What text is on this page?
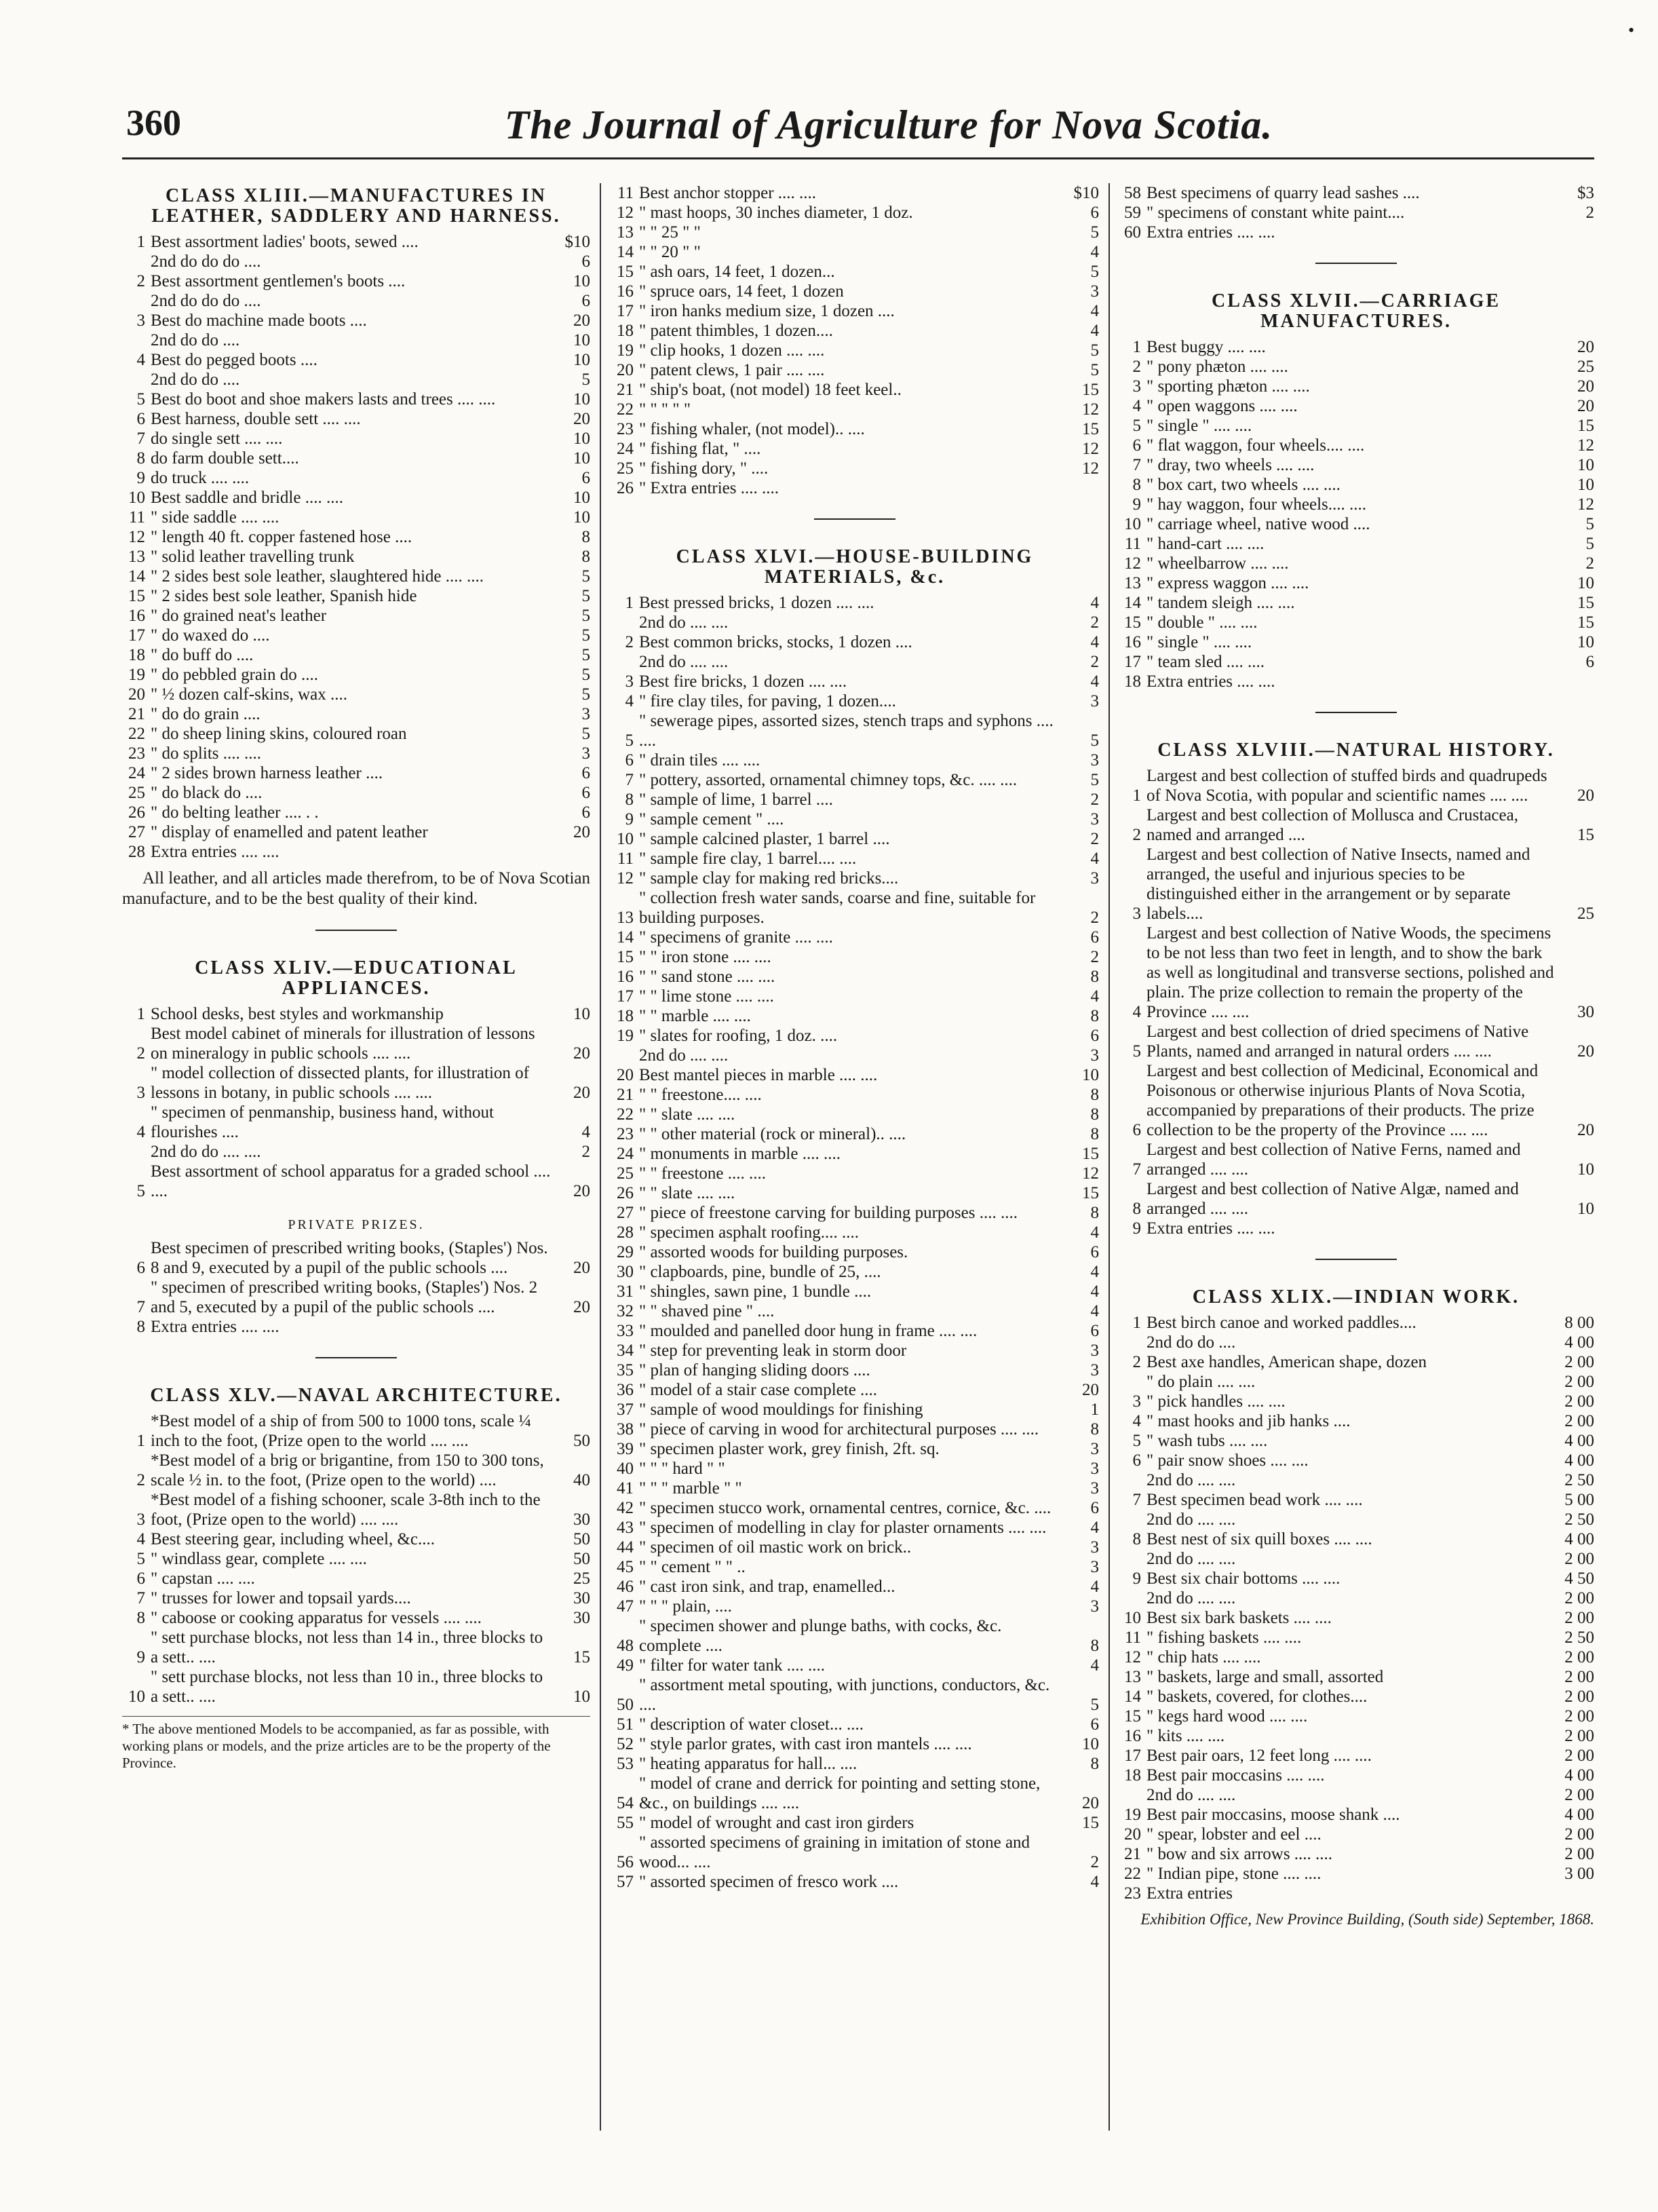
•
360	The Journal of Agriculture for Nova Scotia.
CLASS XLIII.—MANUFACTURES IN LEATHER, SADDLERY AND HARNESS.
1 Best assortment ladies' boots, sewed ....	$10
2nd do do do ....	6
2 Best assortment gentlemen's boots ....	10
2nd do do do ....	6
3 Best do machine made boots ....	20
2nd do do ....	10
4 Best do pegged boots ....	10
2nd do do ....	5
5 Best do boot and shoe makers lasts and trees .... ....	10
6 Best harness, double sett .... ....	20
7 do single sett .... ....	10
8 do farm double sett....	10
9 do truck .... ....	6
10 Best saddle and bridle .... ....	10
11 " side saddle .... ....	10
12 " length 40 ft. copper fastened hose ....	8
13 " solid leather travelling trunk	8
14 " 2 sides best sole leather, slaughtered hide .... ....	5
15 " 2 sides best sole leather, Spanish hide	5
16 " do grained neat's leather	5
17 " do waxed do ....	5
18 " do buff do ....	5
19 " do pebbled grain do ....	5
20 " ½ dozen calf-skins, wax ....	5
21 " do do grain ....	3
22 " do sheep lining skins, coloured roan	5
23 " do splits .... ....	3
24 " 2 sides brown harness leather ....	6
25 " do black do ....	6
26 " do belting leather .... . .	6
27 " display of enamelled and patent leather	20
28 Extra entries .... ....
All leather, and all articles made therefrom, to be of Nova Scotian manufacture, and to be the best quality of their kind.
CLASS XLIV.—EDUCATIONAL APPLIANCES.
1 School desks, best styles and workmanship	10
2
Best model cabinet of minerals for illustration of lessons on mineralogy in public schools .... ....	20
3
" model collection of dissected plants, for illustration of lessons in botany, in public schools .... ....	20
4
" specimen of penmanship, business hand, without flourishes ....	4
2nd do do .... ....	2
5
Best assortment of school apparatus for a graded school .... ....	20
PRIVATE PRIZES.
6
Best specimen of prescribed writing books, (Staples') Nos. 8 and 9, executed by a pupil of the public schools ....	20
7
" specimen of prescribed writing books, (Staples') Nos. 2 and 5, executed by a pupil of the public schools ....	20
8 Extra entries .... ....
CLASS XLV.—NAVAL ARCHITECTURE.
1
*Best model of a ship of from 500 to 1000 tons, scale ¼ inch to the foot, (Prize open to the world .... ....	50
2
*Best model of a brig or brigantine, from 150 to 300 tons, scale ½ in. to the foot, (Prize open to the world) ....	40
3
*Best model of a fishing schooner, scale 3-8th inch to the foot, (Prize open to the world) .... ....	30
4 Best steering gear, including wheel, &c....	50
5 " windlass gear, complete .... ....	50
6 " capstan .... ....	25
7 " trusses for lower and topsail yards....	30
8 " caboose or cooking apparatus for vessels .... ....	30
9
" sett purchase blocks, not less than 14 in., three blocks to a sett.. ....	15
10
" sett purchase blocks, not less than 10 in., three blocks to a sett.. ....	10
* The above mentioned Models to be accompanied, as far as possible, with working plans or models, and the prize articles are to be the property of the Province.
11 Best anchor stopper .... ....	$10
12 " mast hoops, 30 inches diameter, 1 doz.	6
13 " " 25 " "	5
14 " " 20 " "	4
15 " ash oars, 14 feet, 1 dozen...	5
16 " spruce oars, 14 feet, 1 dozen	3
17 " iron hanks medium size, 1 dozen ....	4
18 " patent thimbles, 1 dozen....	4
19 " clip hooks, 1 dozen .... ....	5
20 " patent clews, 1 pair .... ....	5
21 " ship's boat, (not model) 18 feet keel..	15
22 " " " " "	12
23 " fishing whaler, (not model).. ....	15
24 " fishing flat, " ....	12
25 " fishing dory, " ....	12
26 " Extra entries .... ....
CLASS XLVI.—HOUSE-BUILDING MATERIALS, &c.
1 Best pressed bricks, 1 dozen .... ....	4
2nd do .... ....	2
2 Best common bricks, stocks, 1 dozen ....	4
2nd do .... ....	2
3 Best fire bricks, 1 dozen .... ....	4
4 " fire clay tiles, for paving, 1 dozen....	3
5
" sewerage pipes, assorted sizes, stench traps and syphons .... ....	5
6 " drain tiles .... ....	3
7 " pottery, assorted, ornamental chimney tops, &c. .... ....	5
8 " sample of lime, 1 barrel ....	2
9 " sample cement " ....	3
10 " sample calcined plaster, 1 barrel ....	2
11 " sample fire clay, 1 barrel.... ....	4
12 " sample clay for making red bricks....	3
13
" collection fresh water sands, coarse and fine, suitable for building purposes.	2
14 " specimens of granite .... ....	6
15 " " iron stone .... ....	2
16 " " sand stone .... ....	8
17 " " lime stone .... ....	4
18 " " marble .... ....	8
19 " slates for roofing, 1 doz. ....	6
2nd do .... ....	3
20 Best mantel pieces in marble .... ....	10
21 " " freestone.... ....	8
22 " " slate .... ....	8
23 " " other material (rock or mineral).. ....	8
24 " monuments in marble .... ....	15
25 " " freestone .... ....	12
26 " " slate .... ....	15
27 " piece of freestone carving for building purposes .... ....	8
28 " specimen asphalt roofing.... ....	4
29 " assorted woods for building purposes.	6
30 " clapboards, pine, bundle of 25, ....	4
31 " shingles, sawn pine, 1 bundle ....	4
32 " " shaved pine " ....	4
33 " moulded and panelled door hung in frame .... ....	6
34 " step for preventing leak in storm door	3
35 " plan of hanging sliding doors ....	3
36 " model of a stair case complete ....	20
37 " sample of wood mouldings for finishing	1
38 " piece of carving in wood for architectural purposes .... ....	8
39 " specimen plaster work, grey finish, 2ft. sq.	3
40 " " " hard " "	3
41 " " " marble " "	3
42 " specimen stucco work, ornamental centres, cornice, &c. ....	6
43 " specimen of modelling in clay for plaster ornaments .... ....	4
44 " specimen of oil mastic work on brick..	3
45 " " cement " " ..	3
46 " cast iron sink, and trap, enamelled...	4
47 " " " plain, ....	3
48
" specimen shower and plunge baths, with cocks, &c. complete ....	8
49 " filter for water tank .... ....	4
50
" assortment metal spouting, with junctions, conductors, &c. ....	5
51 " description of water closet... ....	6
52 " style parlor grates, with cast iron mantels .... ....	10
53 " heating apparatus for hall... ....	8
54
" model of crane and derrick for pointing and setting stone, &c., on buildings .... ....	20
55 " model of wrought and cast iron girders	15
56
" assorted specimens of graining in imitation of stone and wood... ....	2
57 " assorted specimen of fresco work ....	4
58 Best specimens of quarry lead sashes ....	$3
59 " specimens of constant white paint....	2
60 Extra entries .... ....
CLASS XLVII.—CARRIAGE MANUFACTURES.
1 Best buggy .... ....	20
2 " pony phæton .... ....	25
3 " sporting phæton .... ....	20
4 " open waggons .... ....	20
5 " single " .... ....	15
6 " flat waggon, four wheels.... ....	12
7 " dray, two wheels .... ....	10
8 " box cart, two wheels .... ....	10
9 " hay waggon, four wheels.... ....	12
10 " carriage wheel, native wood ....	5
11 " hand-cart .... ....	5
12 " wheelbarrow .... ....	2
13 " express waggon .... ....	10
14 " tandem sleigh .... ....	15
15 " double " .... ....	15
16 " single " .... ....	10
17 " team sled .... ....	6
18 Extra entries .... ....
CLASS XLVIII.—NATURAL HISTORY.
1
Largest and best collection of stuffed birds and quadrupeds of Nova Scotia, with popular and scientific names .... ....	20
2
Largest and best collection of Mollusca and Crustacea, named and arranged ....	15
3
Largest and best collection of Native Insects, named and arranged, the useful and injurious species to be distinguished either in the arrangement or by separate labels....	25
4
Largest and best collection of Native Woods, the specimens to be not less than two feet in length, and to show the bark as well as longitudinal and transverse sections, polished and plain. The prize collection to remain the property of the Province .... ....	30
5
Largest and best collection of dried specimens of Native Plants, named and arranged in natural orders .... ....	20
6
Largest and best collection of Medicinal, Economical and Poisonous or otherwise injurious Plants of Nova Scotia, accompanied by preparations of their products. The prize collection to be the property of the Province .... ....	20
7
Largest and best collection of Native Ferns, named and arranged .... ....	10
8
Largest and best collection of Native Algæ, named and arranged .... ....	10
9 Extra entries .... ....
CLASS XLIX.—INDIAN WORK.
1 Best birch canoe and worked paddles....	8 00
2nd do do ....	4 00
2 Best axe handles, American shape, dozen	2 00
" do plain .... ....	2 00
3 " pick handles .... ....	2 00
4 " mast hooks and jib hanks ....	2 00
5 " wash tubs .... ....	4 00
6 " pair snow shoes .... ....	4 00
2nd do .... ....	2 50
7 Best specimen bead work .... ....	5 00
2nd do .... ....	2 50
8 Best nest of six quill boxes .... ....	4 00
2nd do .... ....	2 00
9 Best six chair bottoms .... ....	4 50
2nd do .... ....	2 00
10 Best six bark baskets .... ....	2 00
11 " fishing baskets .... ....	2 50
12 " chip hats .... ....	2 00
13 " baskets, large and small, assorted	2 00
14 " baskets, covered, for clothes....	2 00
15 " kegs hard wood .... ....	2 00
16 " kits .... ....	2 00
17 Best pair oars, 12 feet long .... ....	2 00
18 Best pair moccasins .... ....	4 00
2nd do .... ....	2 00
19 Best pair moccasins, moose shank ....	4 00
20 " spear, lobster and eel ....	2 00
21 " bow and six arrows .... ....	2 00
22 " Indian pipe, stone .... ....	3 00
23 Extra entries
Exhibition Office, New Province Building, (South side) September, 1868.
